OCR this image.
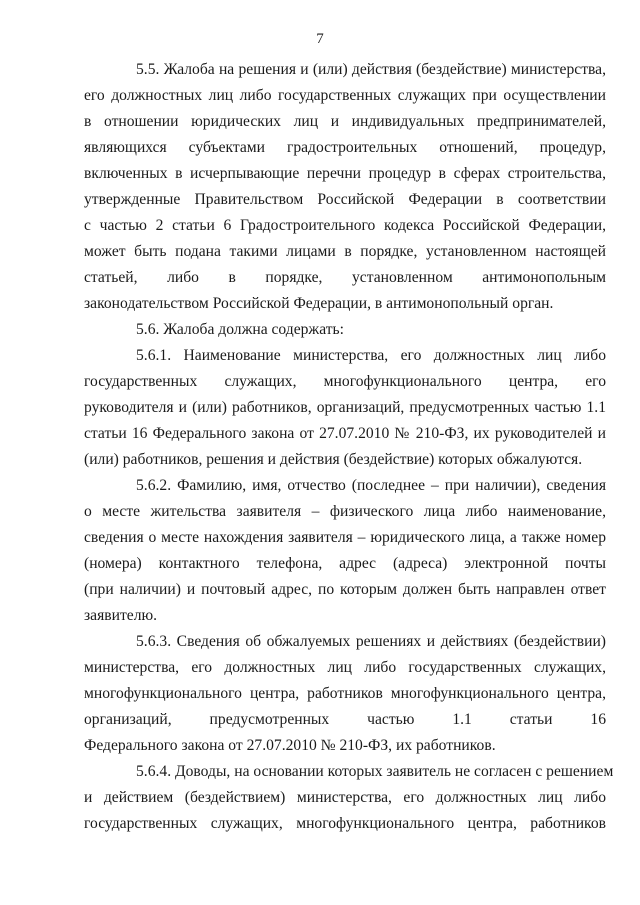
7
5.5. Жалоба на решения и (или) действия (бездействие) министерства,
его должностных лиц либо государственных служащих при осуществлении
в отношении юридических лиц и индивидуальных предпринимателей,
являющихся субъектами градостроительных отношений, процедур,
включенных в исчерпывающие перечни процедур в сферах строительства,
утвержденные Правительством Российской Федерации в соответствии
с частью 2 статьи 6 Градостроительного кодекса Российской Федерации,
может быть подана такими лицами в порядке, установленном настоящей
статьей, либо в порядке, установленном антимонопольным
законодательством Российской Федерации, в антимонопольный орган.
5.6. Жалоба должна содержать:
5.6.1. Наименование министерства, его должностных лиц либо
государственных служащих, многофункционального центра, его
руководителя и (или) работников, организаций, предусмотренных частью 1.1
статьи 16 Федерального закона от 27.07.2010 № 210-ФЗ, их руководителей и
(или) работников, решения и действия (бездействие) которых обжалуются.
5.6.2. Фамилию, имя, отчество (последнее – при наличии), сведения
о месте жительства заявителя – физического лица либо наименование,
сведения о месте нахождения заявителя – юридического лица, а также номер
(номера) контактного телефона, адрес (адреса) электронной почты
(при наличии) и почтовый адрес, по которым должен быть направлен ответ
заявителю.
5.6.3. Сведения об обжалуемых решениях и действиях (бездействии)
министерства, его должностных лиц либо государственных служащих,
многофункционального центра, работников многофункционального центра,
организаций, предусмотренных частью 1.1 статьи 16
Федерального закона от 27.07.2010 № 210-ФЗ, их работников.
5.6.4. Доводы, на основании которых заявитель не согласен с решением
и действием (бездействием) министерства, его должностных лиц либо
государственных служащих, многофункционального центра, работников
